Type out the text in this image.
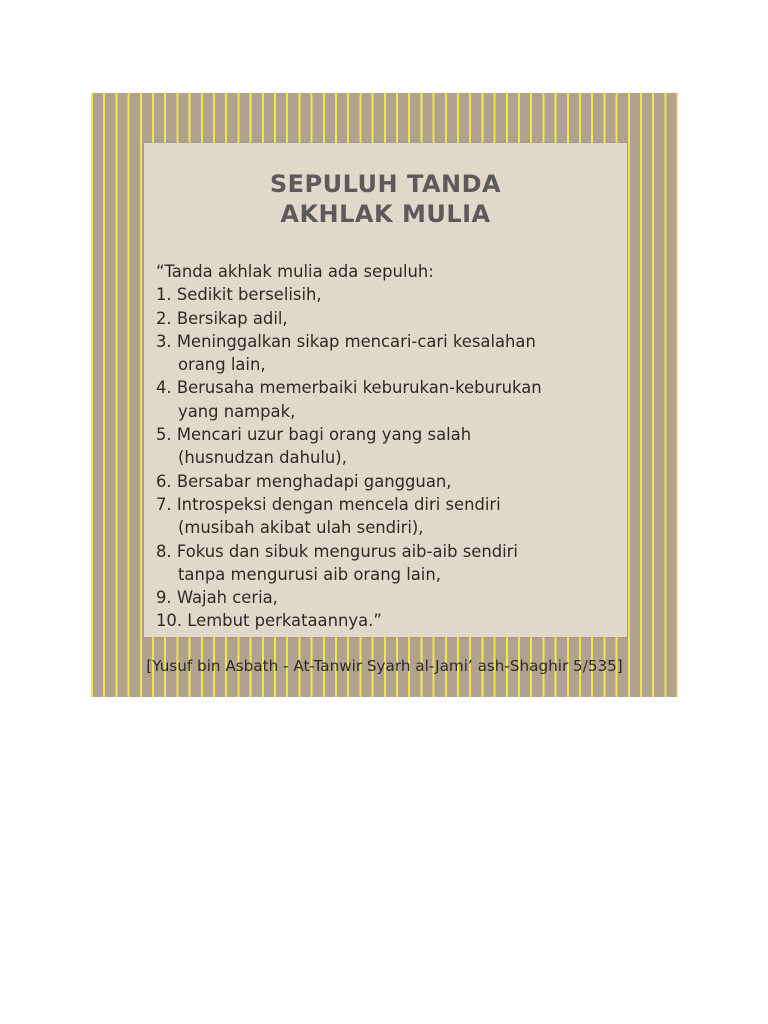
SEPULUH TANDA
AKHLAK MULIA
“Tanda akhlak mulia ada sepuluh:
1. Sedikit berselisih,
2. Bersikap adil,
3. Meninggalkan sikap mencari-cari kesalahan
orang lain,
4. Berusaha memerbaiki keburukan-keburukan
yang nampak,
5. Mencari uzur bagi orang yang salah
(husnudzan dahulu),
6. Bersabar menghadapi gangguan,
7. Introspeksi dengan mencela diri sendiri
(musibah akibat ulah sendiri),
8. Fokus dan sibuk mengurus aib-aib sendiri
tanpa mengurusi aib orang lain,
9. Wajah ceria,
10. Lembut perkataannya.”
[Yusuf bin Asbath - At-Tanwir Syarh al-Jami’ ash-Shaghir 5/535]
